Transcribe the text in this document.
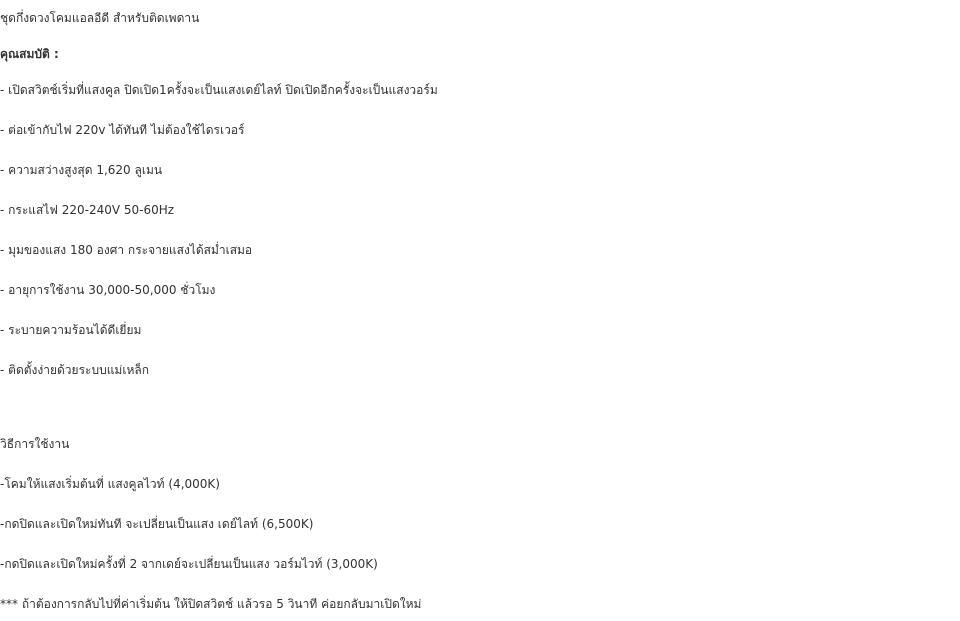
ชุดกึ่งดวงโคมแอลอีดี สำหรับติดเพดาน
คุณสมบัติ :
- เปิดสวิตช์เริ่มที่แสงคูล ปิดเปิด1ครั้งจะเป็นแสงเดย์ไลท์ ปิดเปิดอีกครั้งจะเป็นแสงวอร์ม
- ต่อเข้ากับไฟ 220v ได้ทันที ไม่ต้องใช้ไดรเวอร์
- ความสว่างสูงสุด 1,620 ลูเมน
- กระแสไฟ 220-240V 50-60Hz
- มุมของแสง 180 องศา กระจายแสงได้สม่ำเสมอ
- อายุการใช้งาน 30,000-50,000 ชั่วโมง
- ระบายความร้อนได้ดีเยี่ยม
- ติดตั้งง่ายด้วยระบบแม่เหล็ก
วิธีการใช้งาน
-โคมให้แสงเริ่มต้นที่ แสงคูลไวท์ (4,000K)
-กดปิดและเปิดใหม่ทันที จะเปลี่ยนเป็นแสง เดย์ไลท์ (6,500K)
-กดปิดและเปิดใหม่ครั้งที่ 2 จากเดย์จะเปลี่ยนเป็นแสง วอร์มไวท์ (3,000K)
*** ถ้าต้องการกลับไปที่ค่าเริ่มต้น ให้ปิดสวิตช์ แล้วรอ 5 วินาที ค่อยกลับมาเปิดใหม่
